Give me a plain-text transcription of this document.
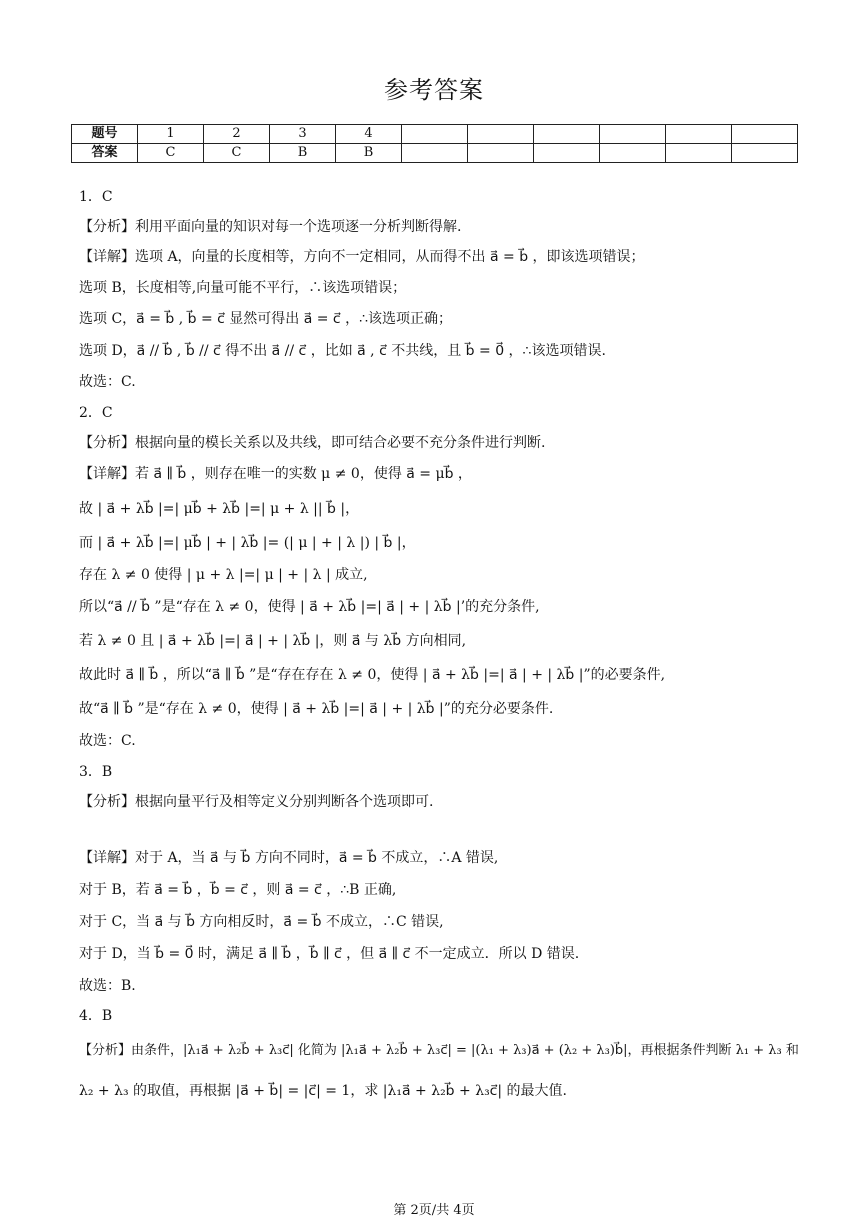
参考答案
题号	1	2	3	4						
答案	C	C	B	B						
1．C
【分析】利用平面向量的知识对每一个选项逐一分析判断得解.
【详解】选项 A，向量的长度相等，方向不一定相同，从而得不出 a⃗ = b⃗ ，即该选项错误；
选项 B，长度相等,向量可能不平行，∴该选项错误；
选项 C，a⃗ = b⃗ , b⃗ = c⃗ 显然可得出 a⃗ = c⃗ ，∴该选项正确；
选项 D，a⃗ // b⃗ , b⃗ // c⃗ 得不出 a⃗ // c⃗ ，比如 a⃗ , c⃗ 不共线，且 b⃗ = 0⃗ ，∴该选项错误.
故选：C.
2．C
【分析】根据向量的模长关系以及共线，即可结合必要不充分条件进行判断.
【详解】若 a⃗ ∥ b⃗ ，则存在唯一的实数 μ ≠ 0，使得 a⃗ = μb⃗ ，
故 | a⃗ + λb⃗ |=| μb⃗ + λb⃗ |=| μ + λ || b⃗ |，
而 | a⃗ + λb⃗ |=| μb⃗ | + | λb⃗ |= (| μ | + | λ |) | b⃗ |，
存在 λ ≠ 0 使得 | μ + λ |=| μ | + | λ | 成立,
所以“a⃗ // b⃗ ”是“存在 λ ≠ 0，使得 | a⃗ + λb⃗ |=| a⃗ | + | λb⃗ |’的充分条件,
若 λ ≠ 0 且 | a⃗ + λb⃗ |=| a⃗ | + | λb⃗ |，则 a⃗ 与 λb⃗ 方向相同,
故此时 a⃗ ∥ b⃗ ，所以“a⃗ ∥ b⃗ ”是“存在存在 λ ≠ 0，使得 | a⃗ + λb⃗ |=| a⃗ | + | λb⃗ |”的必要条件,
故“a⃗ ∥ b⃗ ”是“存在 λ ≠ 0，使得 | a⃗ + λb⃗ |=| a⃗ | + | λb⃗ |”的充分必要条件.
故选：C.
3．B
【分析】根据向量平行及相等定义分别判断各个选项即可.
【详解】对于 A，当 a⃗ 与 b⃗ 方向不同时，a⃗ = b⃗ 不成立，∴A 错误,
对于 B，若 a⃗ = b⃗ ，b⃗ = c⃗ ，则 a⃗ = c⃗ ，∴B 正确,
对于 C，当 a⃗ 与 b⃗ 方向相反时，a⃗ = b⃗ 不成立，∴C 错误,
对于 D，当 b⃗ = 0⃗ 时，满足 a⃗ ∥ b⃗ ，b⃗ ∥ c⃗ ，但 a⃗ ∥ c⃗ 不一定成立．所以 D 错误.
故选：B.
4．B
【分析】由条件，|λ₁a⃗ + λ₂b⃗ + λ₃c⃗| 化简为 |λ₁a⃗ + λ₂b⃗ + λ₃c⃗| = |(λ₁ + λ₃)a⃗ + (λ₂ + λ₃)b⃗|，再根据条件判断 λ₁ + λ₃ 和
λ₂ + λ₃ 的取值，再根据 |a⃗ + b⃗| = |c⃗| = 1，求 |λ₁a⃗ + λ₂b⃗ + λ₃c⃗| 的最大值.
第 2页/共 4页
